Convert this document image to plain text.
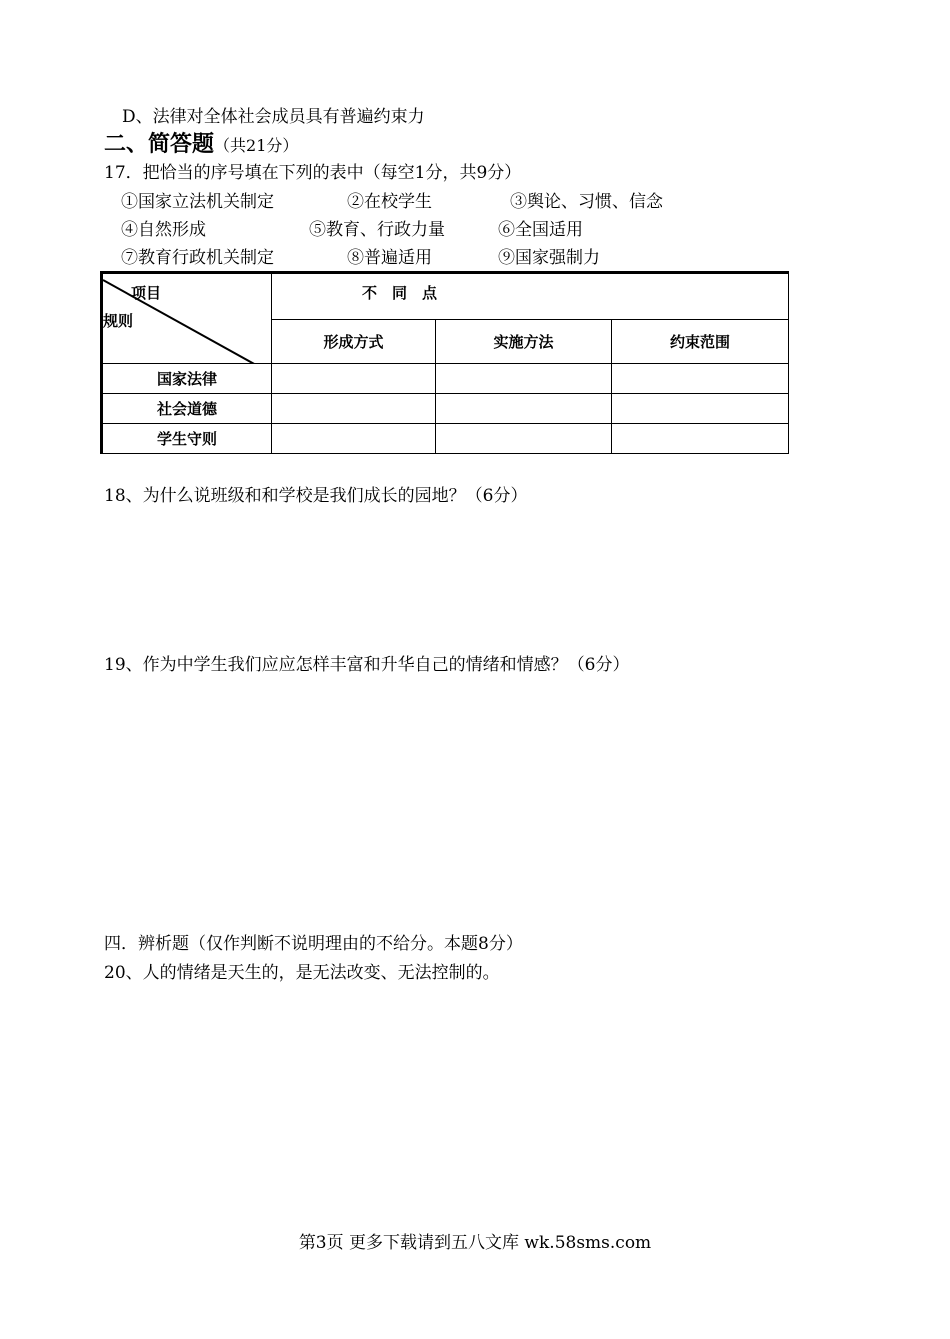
D、法律对全体社会成员具有普遍约束力
二、简答题（共21分）
17．把恰当的序号填在下列的表中（每空1分，共9分）
①国家立法机关制定	②在校学生	③舆论、习惯、信念
④自然形成	⑤教育、行政力量	⑥全国适用
⑦教育行政机关制定	⑧普遍适用	⑨国家强制力
项目
规则	不　同　点		
	形成方式	实施方法	约束范围
国家法律			
社会道德			
学生守则			
18、为什么说班级和和学校是我们成长的园地？（6分）
19、作为中学生我们应应怎样丰富和升华自己的情绪和情感？（6分）
四．辨析题（仅作判断不说明理由的不给分。本题8分）
20、人的情绪是天生的，是无法改变、无法控制的。
第3页 更多下载请到五八文库 wk.58sms.com
